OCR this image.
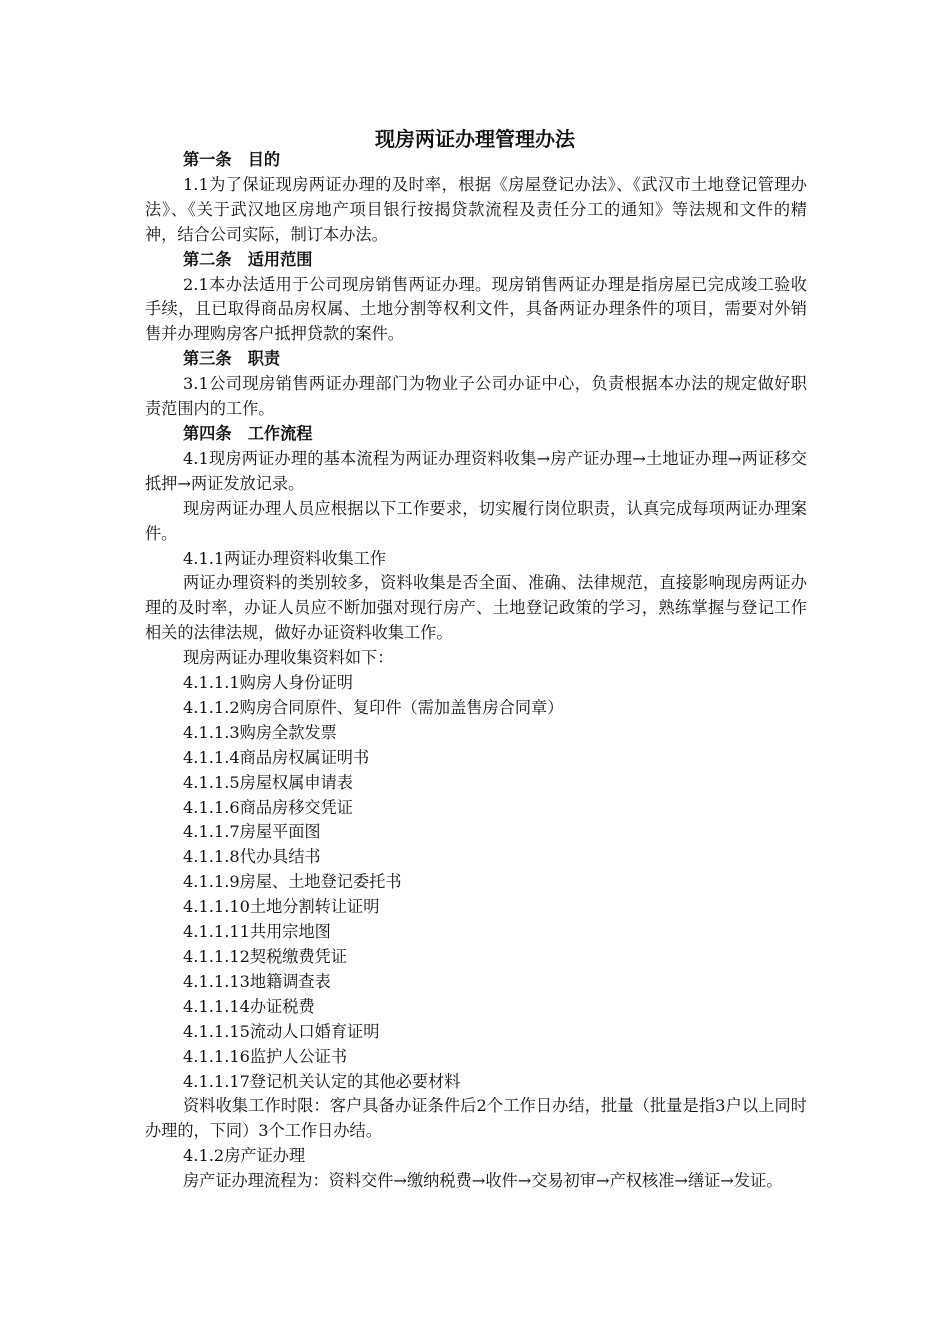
现房两证办理管理办法

第一条　目的

1.1为了保证现房两证办理的及时率，根据《房屋登记办法》、《武汉市土地登记管理办法》、《关于武汉地区房地产项目银行按揭贷款流程及责任分工的通知》等法规和文件的精神，结合公司实际，制订本办法。

第二条　适用范围

2.1本办法适用于公司现房销售两证办理。现房销售两证办理是指房屋已完成竣工验收手续，且已取得商品房权属、土地分割等权利文件，具备两证办理条件的项目，需要对外销售并办理购房客户抵押贷款的案件。

第三条　职责

3.1公司现房销售两证办理部门为物业子公司办证中心，负责根据本办法的规定做好职责范围内的工作。

第四条　工作流程

4.1现房两证办理的基本流程为两证办理资料收集→房产证办理→土地证办理→两证移交抵押→两证发放记录。

现房两证办理人员应根据以下工作要求，切实履行岗位职责，认真完成每项两证办理案件。

4.1.1两证办理资料收集工作

两证办理资料的类别较多，资料收集是否全面、准确、法律规范，直接影响现房两证办理的及时率，办证人员应不断加强对现行房产、土地登记政策的学习，熟练掌握与登记工作相关的法律法规，做好办证资料收集工作。

现房两证办理收集资料如下：

4.1.1.1购房人身份证明

4.1.1.2购房合同原件、复印件（需加盖售房合同章）

4.1.1.3购房全款发票

4.1.1.4商品房权属证明书

4.1.1.5房屋权属申请表

4.1.1.6商品房移交凭证

4.1.1.7房屋平面图

4.1.1.8代办具结书

4.1.1.9房屋、土地登记委托书

4.1.1.10土地分割转让证明

4.1.1.11共用宗地图

4.1.1.12契税缴费凭证

4.1.1.13地籍调查表

4.1.1.14办证税费

4.1.1.15流动人口婚育证明

4.1.1.16监护人公证书

4.1.1.17登记机关认定的其他必要材料

资料收集工作时限：客户具备办证条件后2个工作日办结，批量（批量是指3户以上同时办理的，下同）3个工作日办结。

4.1.2房产证办理

房产证办理流程为：资料交件→缴纳税费→收件→交易初审→产权核准→缮证→发证。
